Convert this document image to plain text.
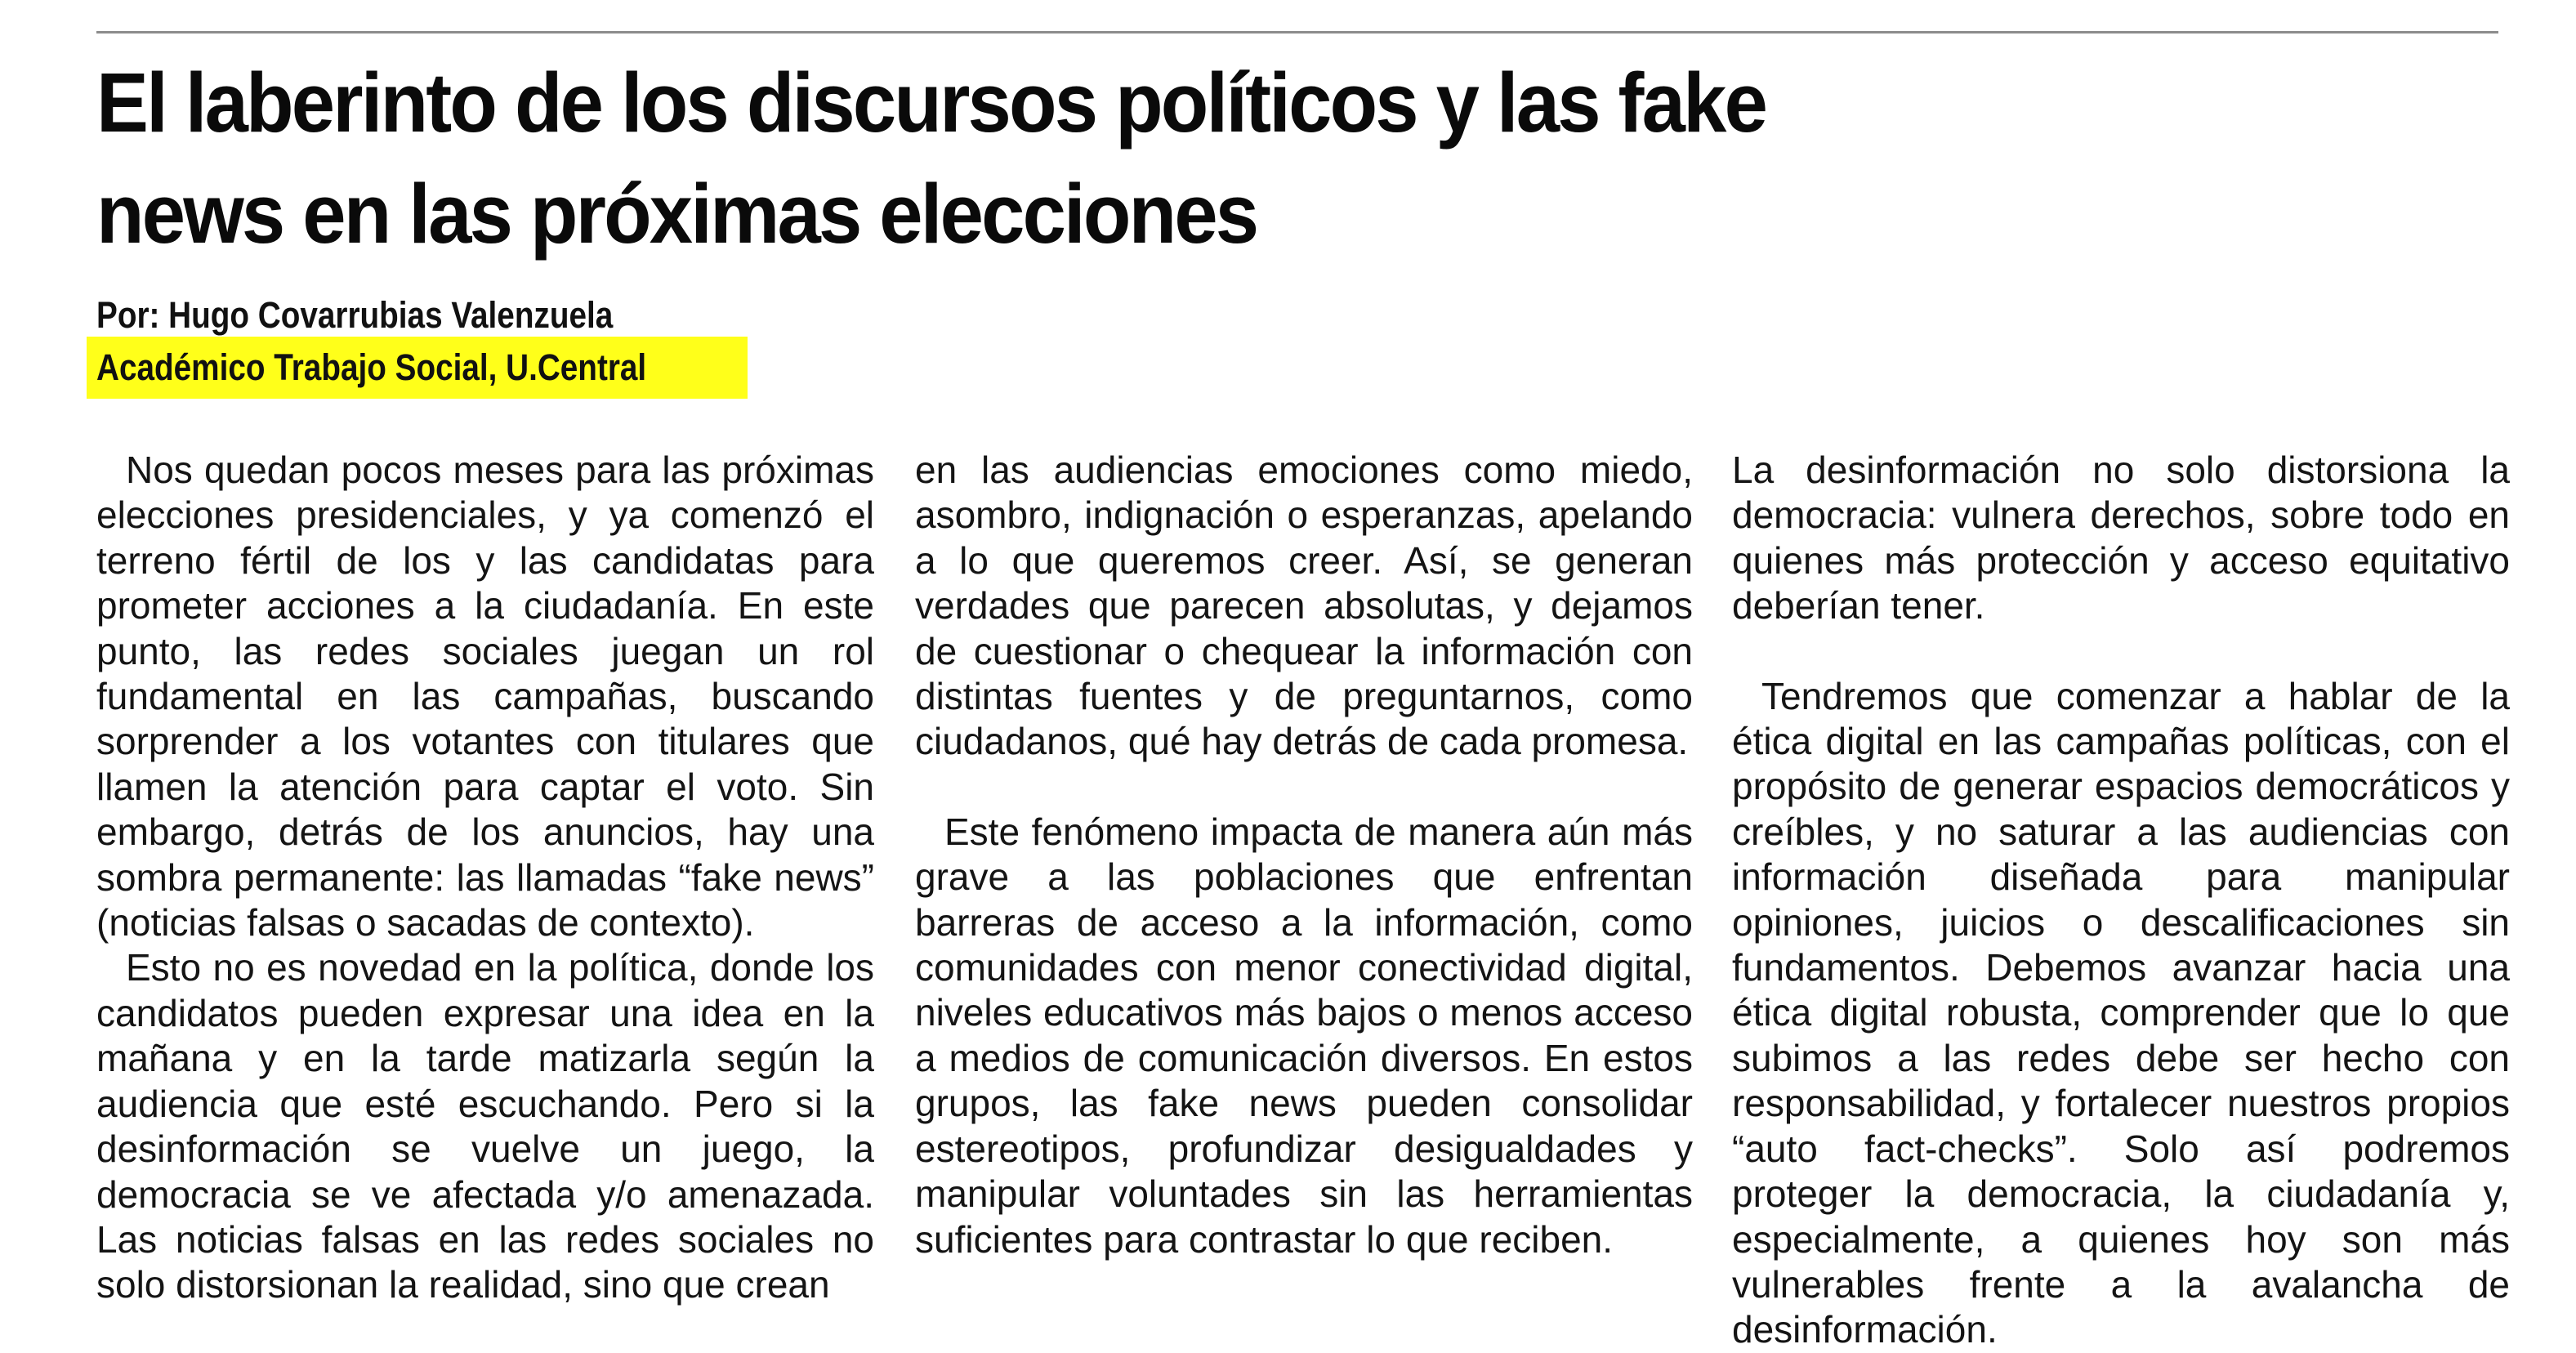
El laberinto de los discursos políticos y las fake
news en las próximas elecciones
Por: Hugo Covarrubias Valenzuela
Académico Trabajo Social, U.Central

Nos quedan pocos meses para las próximas elecciones presidenciales, y ya comenzó el terreno fértil de los y las candidatas para prometer acciones a la ciudadanía. En este punto, las redes sociales juegan un rol fundamental en las campañas, buscando sorprender a los votantes con titulares que llamen la atención para captar el voto. Sin embargo, detrás de los anuncios, hay una sombra permanente: las llamadas “fake news” (noticias falsas o sacadas de contexto).

Esto no es novedad en la política, donde los candidatos pueden expresar una idea en la mañana y en la tarde matizarla según la audiencia que esté escuchando. Pero si la desinformación se vuelve un juego, la democracia se ve afectada y/o amenazada. Las noticias falsas en las redes sociales no solo distorsionan la realidad, sino que crean

en las audiencias emociones como miedo, asombro, indignación o esperanzas, apelando a lo que queremos creer. Así, se generan verdades que parecen absolutas, y dejamos de cuestionar o chequear la información con distintas fuentes y de preguntarnos, como ciudadanos, qué hay detrás de cada promesa.

Este fenómeno impacta de manera aún más grave a las poblaciones que enfrentan barreras de acceso a la información, como comunidades con menor conectividad digital, niveles educativos más bajos o menos acceso a medios de comunicación diversos. En estos grupos, las fake news pueden consolidar estereotipos, profundizar desigualdades y manipular voluntades sin las herramientas suficientes para contrastar lo que reciben.

La desinformación no solo distorsiona la democracia: vulnera derechos, sobre todo en quienes más protección y acceso equitativo deberían tener.

Tendremos que comenzar a hablar de la ética digital en las campañas políticas, con el propósito de generar espacios democráticos y creíbles, y no saturar a las audiencias con información diseñada para manipular opiniones, juicios o descalificaciones sin fundamentos. Debemos avanzar hacia una ética digital robusta, comprender que lo que subimos a las redes debe ser hecho con responsabilidad, y fortalecer nuestros propios “auto fact-checks”. Solo así podremos proteger la democracia, la ciudadanía y, especialmente, a quienes hoy son más vulnerables frente a la avalancha de desinformación.
